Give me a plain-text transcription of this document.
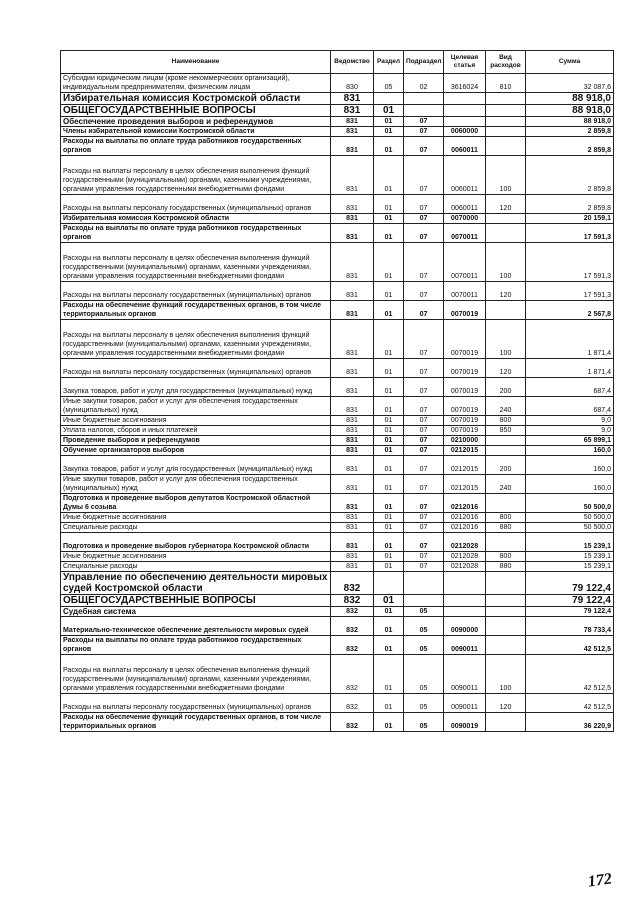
Наименование	Ведомство	Раздел	Подраздел	Целевая статья	Вид расходов	Сумма
Субсидии юридическим лицам (кроме некоммерческих организаций), индивидуальным предпринимателям, физическим лицам	830	05	02	3616024	810	32 087,6
Избирательная комиссия Костромской области	831					88 918,0
ОБЩЕГОСУДАРСТВЕННЫЕ ВОПРОСЫ	831	01				88 918,0
Обеспечение проведения выборов и референдумов	831	01	07			88 918,0
Члены избирательной комиссии Костромской области	831	01	07	0060000		2 859,8
Расходы на выплаты по оплате труда работников государственных органов	831	01	07	0060011		2 859,8
Расходы на выплаты персоналу в целях обеспечения выполнения функций государственными (муниципальными) органами, казенными учреждениями, органами управления государственными внебюджетными фондами	831	01	07	0060011	100	2 859,8
Расходы на выплаты персоналу государственных (муниципальных) органов	831	01	07	0060011	120	2 859,8
Избирательная комиссия Костромской области	831	01	07	0070000		20 159,1
Расходы на выплаты по оплате труда работников государственных органов	831	01	07	0070011		17 591,3
Расходы на выплаты персоналу в целях обеспечения выполнения функций государственными (муниципальными) органами, казенными учреждениями, органами управления государственными внебюджетными фондами	831	01	07	0070011	100	17 591,3
Расходы на выплаты персоналу государственных (муниципальных) органов	831	01	07	0070011	120	17 591,3
Расходы на обеспечение функций государственных органов, в том числе территориальных органов	831	01	07	0070019		2 567,8
Расходы на выплаты персоналу в целях обеспечения выполнения функций государственными (муниципальными) органами, казенными учреждениями, органами управления государственными внебюджетными фондами	831	01	07	0070019	100	1 871,4
Расходы на выплаты персоналу государственных (муниципальных) органов	831	01	07	0070019	120	1 871,4
Закупка товаров, работ и услуг для государственных (муниципальных) нужд	831	01	07	0070019	200	687,4
Иные закупки товаров, работ и услуг для обеспечения государственных (муниципальных) нужд	831	01	07	0070019	240	687,4
Иные бюджетные ассигнования	831	01	07	0070019	800	9,0
Уплата налогов, сборов и иных платежей	831	01	07	0070019	850	9,0
Проведение выборов и референдумов	831	01	07	0210000		65 899,1
Обучение организаторов выборов	831	01	07	0212015		160,0
Закупка товаров, работ и услуг для государственных (муниципальных) нужд	831	01	07	0212015	200	160,0
Иные закупки товаров, работ и услуг для обеспечения государственных (муниципальных) нужд	831	01	07	0212015	240	160,0
Подготовка и проведение выборов депутатов Костромской областной Думы 6 созыва	831	01	07	0212016		50 500,0
Иные бюджетные ассигнования	831	01	07	0212016	800	50 500,0
Специальные расходы	831	01	07	0212016	880	50 500,0
Подготовка и проведение выборов губернатора Костромской области	831	01	07	0212028		15 239,1
Иные бюджетные ассигнования	831	01	07	0212028	800	15 239,1
Специальные расходы	831	01	07	0212028	880	15 239,1
Управление по обеспечению деятельности мировых судей Костромской области	832					79 122,4
ОБЩЕГОСУДАРСТВЕННЫЕ ВОПРОСЫ	832	01				79 122,4
Судебная система	832	01	05			79 122,4
Материально-техническое обеспечение деятельности мировых судей	832	01	05	0090000		78 733,4
Расходы на выплаты по оплате труда работников государственных органов	832	01	05	0090011		42 512,5
Расходы на выплаты персоналу в целях обеспечения выполнения функций государственными (муниципальными) органами, казенными учреждениями, органами управления государственными внебюджетными фондами	832	01	05	0090011	100	42 512,5
Расходы на выплаты персоналу государственных (муниципальных) органов	832	01	05	0090011	120	42 512,5
Расходы на обеспечение функций государственных органов, в том числе территориальных органов	832	01	05	0090019		36 220,9
172
